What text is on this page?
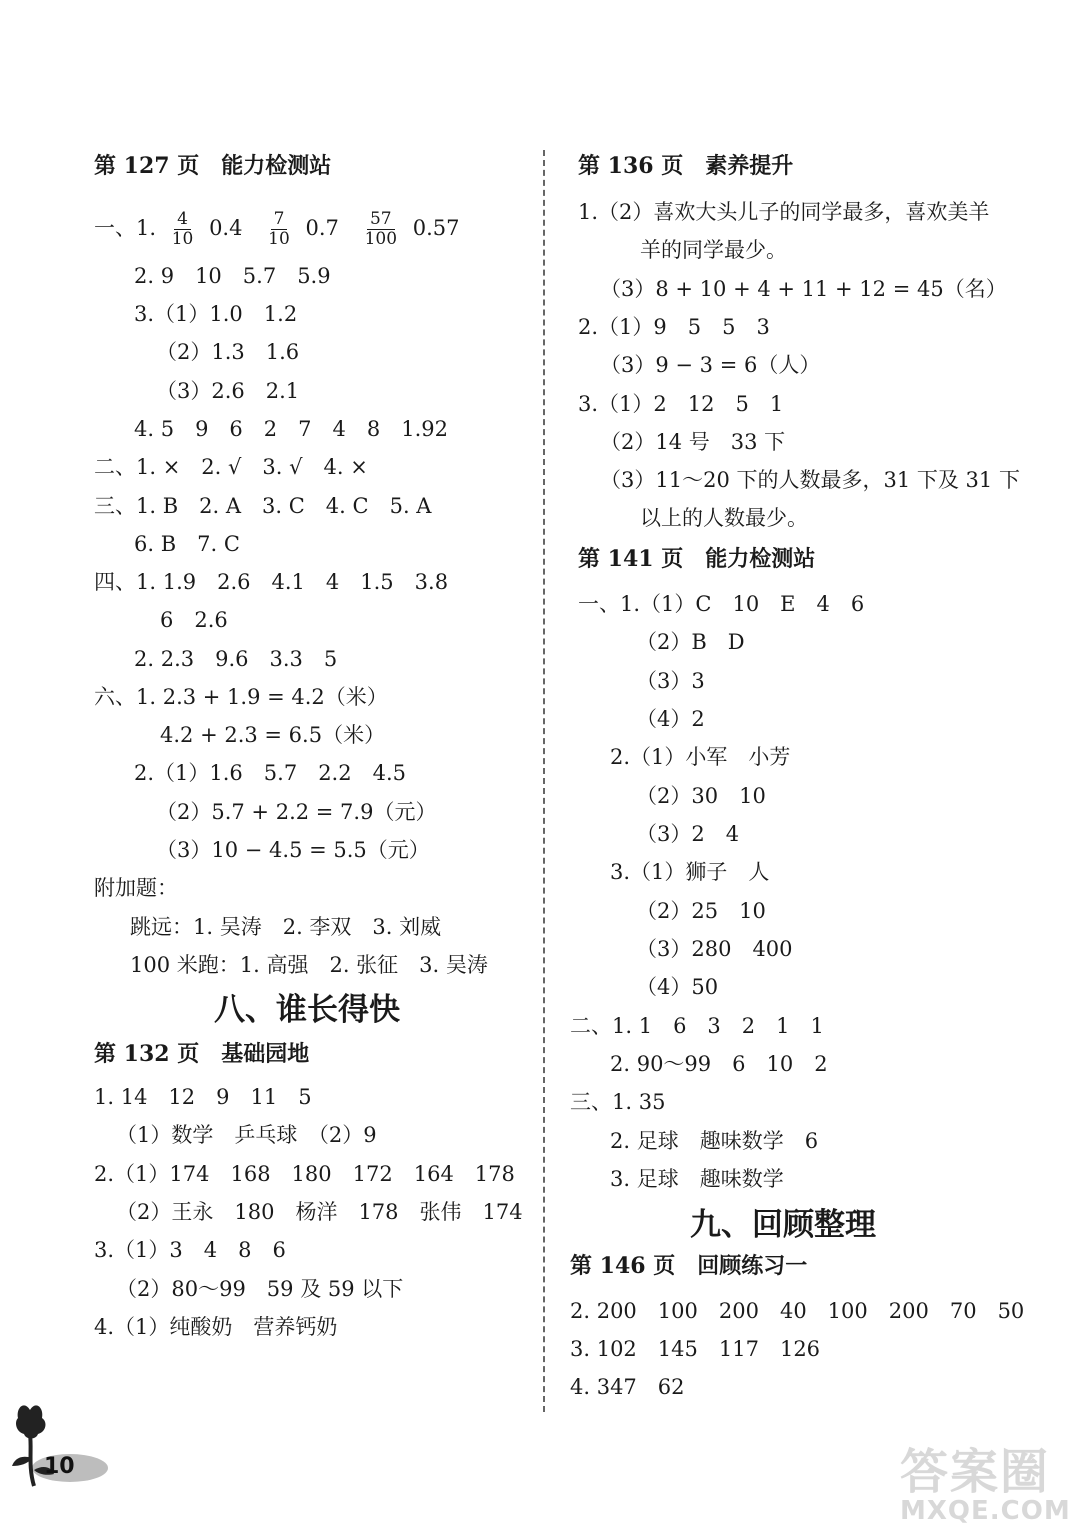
第 127 页　能力检测站
一、1. $\frac{4}{10} 0.4 \frac{7}{10} 0.7 \frac{57}{100} 0.57$
2. 9　10　5.7　5.9
3.（1）1.0　1.2
（2）1.3　1.6
（3）2.6　2.1
4. 5　9　6　2　7　4　8　1.92
二、1. ×　2. √　3. √　4. ×
三、1. B　2. A　3. C　4. C　5. A
6. B　7. C
四、1. 1.9　2.6　4.1　4　1.5　3.8
6　2.6
2. 2.3　9.6　3.3　5
六、1. 2.3 + 1.9 = 4.2（米）
4.2 + 2.3 = 6.5（米）
2.（1）1.6　5.7　2.2　4.5
（2）5.7 + 2.2 = 7.9（元）
（3）10 − 4.5 = 5.5（元）
附加题：
跳远：1. 吴涛　2. 李双　3. 刘威
100 米跑：1. 高强　2. 张征　3. 吴涛
八、谁长得快
第 132 页　基础园地
1. 14　12　9　11　5
（1）数学　乒乓球　（2）9
2.（1）174　168　180　172　164　178
（2）王永　180　杨洋　178　张伟　174
3.（1）3　4　8　6
（2）80～99　59 及 59 以下
4.（1）纯酸奶　营养钙奶
第 136 页　素养提升
1.（2）喜欢大头儿子的同学最多，喜欢美羊
羊的同学最少。
（3）8 + 10 + 4 + 11 + 12 = 45（名）
2.（1）9　5　5　3
（3）9 − 3 = 6（人）
3.（1）2　12　5　1
（2）14 号　33 下
（3）11～20 下的人数最多，31 下及 31 下
以上的人数最少。
第 141 页　能力检测站
一、1.（1）C　10　E　4　6
（2）B　D
（3）3
（4）2
2.（1）小军　小芳
（2）30　10
（3）2　4
3.（1）狮子　人
（2）25　10
（3）280　400
（4）50
二、1. 1　6　3　2　1　1
2. 90～99　6　10　2
三、1. 35
2. 足球　趣味数学　6
3. 足球　趣味数学
九、回顾整理
第 146 页　回顾练习一
2. 200　100　200　40　100　200　70　50
3. 102　145　117　126
4. 347　62
10	答案圈
MXQE.COM
